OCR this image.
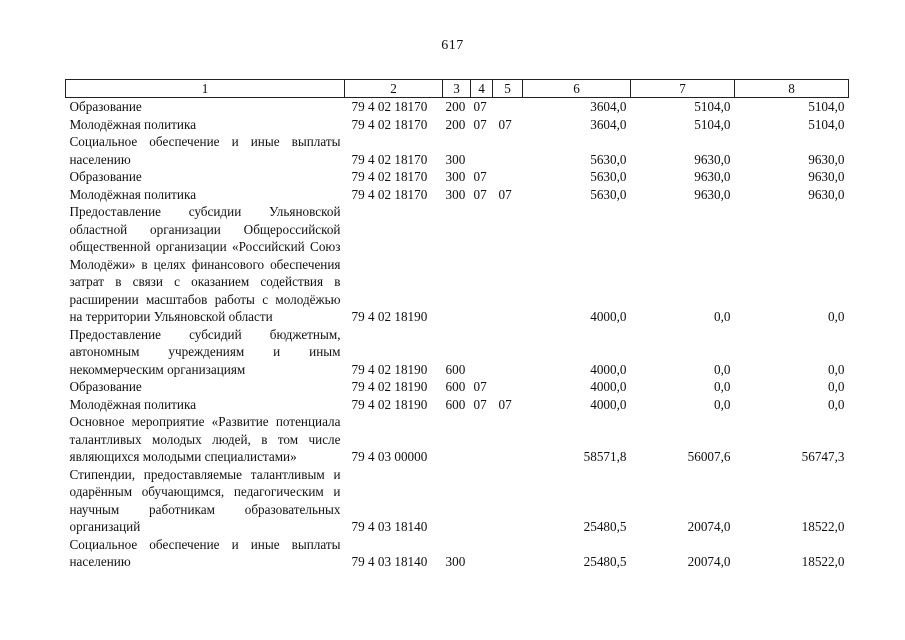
617
1	2	3	4	5	6	7	8
Образование	79 4 02 18170	200	07		3604,0	5104,0	5104,0
Молодёжная политика	79 4 02 18170	200	07	07	3604,0	5104,0	5104,0
Социальное обеспечение и иные выплаты населению	79 4 02 18170	300			5630,0	9630,0	9630,0
Образование	79 4 02 18170	300	07		5630,0	9630,0	9630,0
Молодёжная политика	79 4 02 18170	300	07	07	5630,0	9630,0	9630,0
Предоставление субсидии Ульяновской областной организации Общероссийской общественной организации «Российский Союз Молодёжи» в целях финансового обеспечения затрат в связи с оказанием содействия в расширении масштабов работы с молодёжью на территории Ульяновской области	79 4 02 18190				4000,0	0,0	0,0
Предоставление субсидий бюджетным, автономным учреждениям и иным некоммерческим организациям	79 4 02 18190	600			4000,0	0,0	0,0
Образование	79 4 02 18190	600	07		4000,0	0,0	0,0
Молодёжная политика	79 4 02 18190	600	07	07	4000,0	0,0	0,0
Основное мероприятие «Развитие потенциала талантливых молодых людей, в том числе являющихся молодыми специалистами»	79 4 03 00000				58571,8	56007,6	56747,3
Стипендии, предоставляемые талантливым и одарённым обучающимся, педагогическим и научным работникам образовательных организаций	79 4 03 18140				25480,5	20074,0	18522,0
Социальное обеспечение и иные выплаты населению	79 4 03 18140	300			25480,5	20074,0	18522,0
